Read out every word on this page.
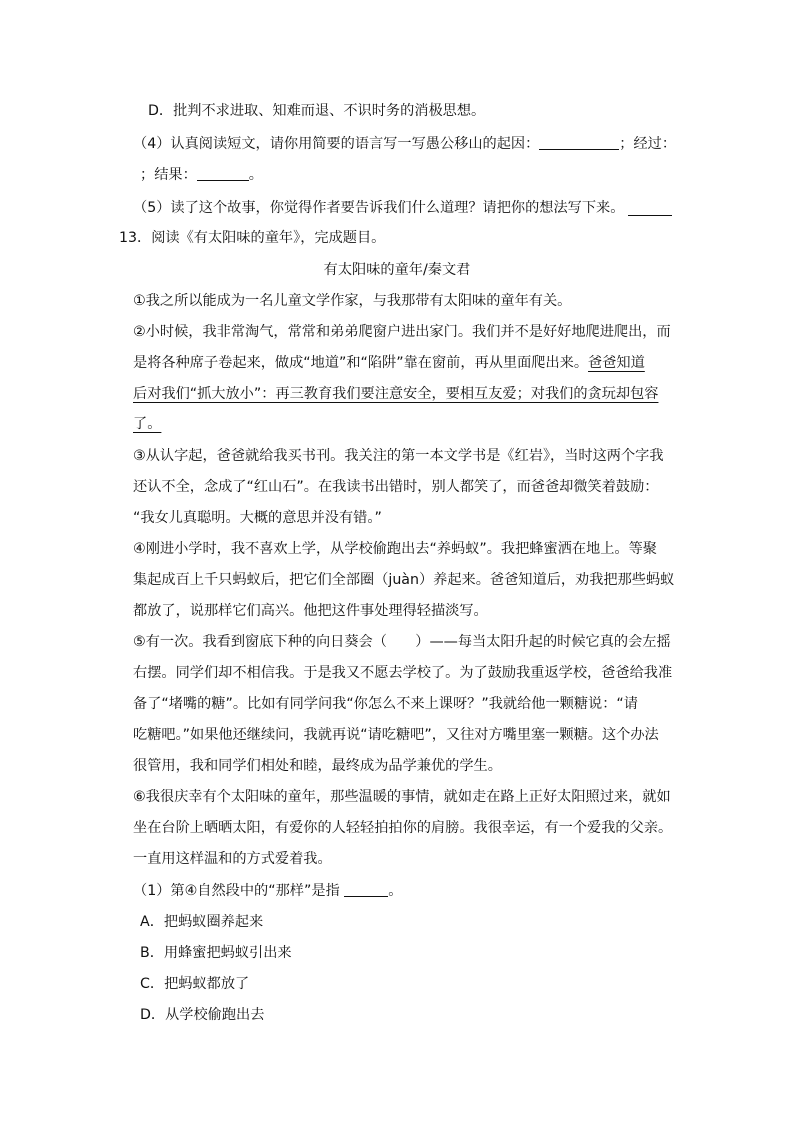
D．批判不求进取、知难而退、不识时务的消极思想。
（4）认真阅读短文，请你用简要的语言写一写愚公移山的起因：	；经过：
；结果：	。
（5）读了这个故事，你觉得作者要告诉我们什么道理？请把你的想法写下来。
13．阅读《有太阳味的童年》，完成题目。
有太阳味的童年/秦文君
①我之所以能成为一名儿童文学作家，与我那带有太阳味的童年有关。
②小时候，我非常淘气，常常和弟弟爬窗户进出家门。我们并不是好好地爬进爬出，而
是将各种席子卷起来，做成“地道”和“陷阱”靠在窗前，再从里面爬出来。爸爸知道
后对我们“抓大放小”：再三教育我们要注意安全，要相互友爱；对我们的贪玩却包容
了。
③从认字起，爸爸就给我买书刊。我关注的第一本文学书是《红岩》，当时这两个字我
还认不全，念成了“红山石”。在我读书出错时，别人都笑了，而爸爸却微笑着鼓励：
“我女儿真聪明。大概的意思并没有错。”
④刚进小学时，我不喜欢上学，从学校偷跑出去“养蚂蚁”。我把蜂蜜洒在地上。等聚
集起成百上千只蚂蚁后，把它们全部圈（juàn）养起来。爸爸知道后，劝我把那些蚂蚁
都放了，说那样它们高兴。他把这件事处理得轻描淡写。
⑤有一次。我看到窗底下种的向日葵会（　　）——每当太阳升起的时候它真的会左摇
右摆。同学们却不相信我。于是我又不愿去学校了。为了鼓励我重返学校，爸爸给我准
备了“堵嘴的糖”。比如有同学问我“你怎么不来上课呀？”我就给他一颗糖说：“请
吃糖吧。”如果他还继续问，我就再说“请吃糖吧”，又往对方嘴里塞一颗糖。这个办法
很管用，我和同学们相处和睦，最终成为品学兼优的学生。
⑥我很庆幸有个太阳味的童年，那些温暖的事情，就如走在路上正好太阳照过来，就如
坐在台阶上晒晒太阳，有爱你的人轻轻拍拍你的肩膀。我很幸运，有一个爱我的父亲。
一直用这样温和的方式爱着我。
（1）第④自然段中的“那样”是指	。
A．把蚂蚁圈养起来
B．用蜂蜜把蚂蚁引出来
C．把蚂蚁都放了
D．从学校偷跑出去
